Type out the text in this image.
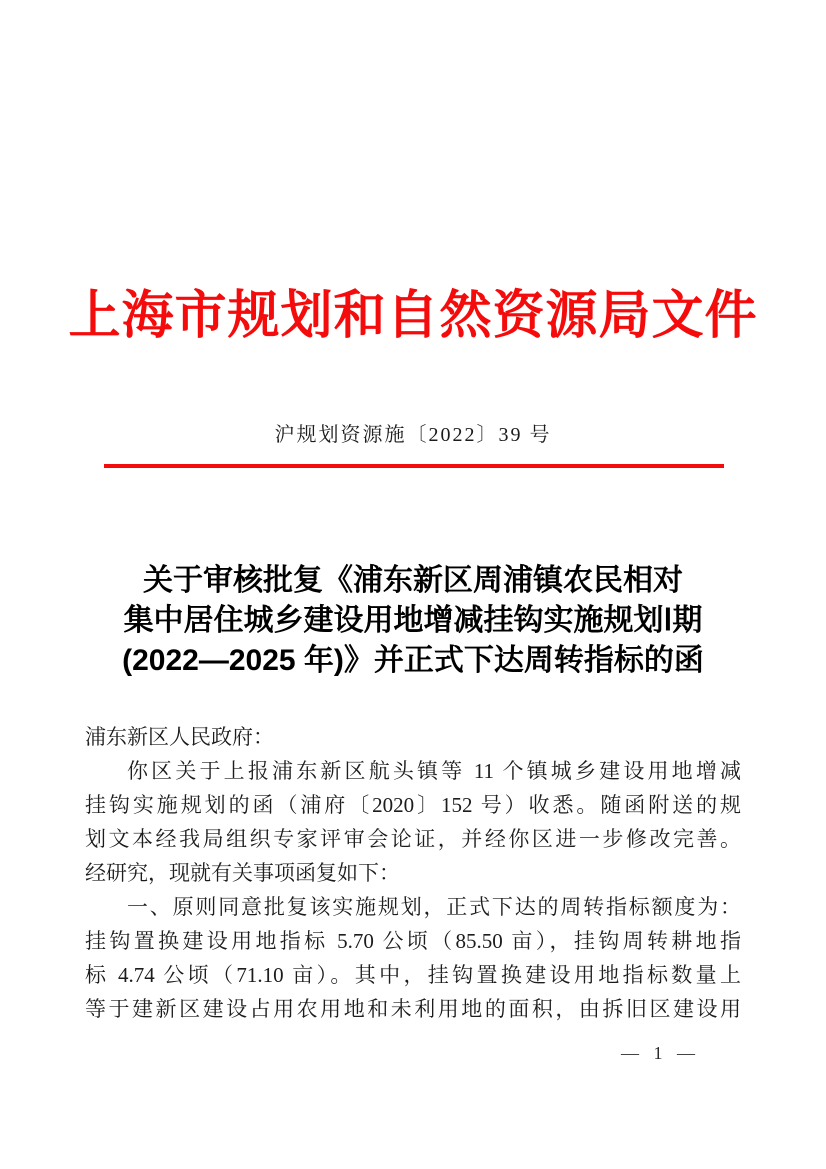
上海市规划和自然资源局文件
沪规划资源施〔2022〕39 号
关于审核批复《浦东新区周浦镇农民相对
集中居住城乡建设用地增减挂钩实施规划Ⅰ期
(2022—2025 年)》并正式下达周转指标的函
浦东新区人民政府：
你区关于上报浦东新区航头镇等 11 个镇城乡建设用地增减
挂钩实施规划的函（浦府〔2020〕152 号）收悉。随函附送的规
划文本经我局组织专家评审会论证，并经你区进一步修改完善。
经研究，现就有关事项函复如下：
一、原则同意批复该实施规划，正式下达的周转指标额度为：
挂钩置换建设用地指标 5.70 公顷（85.50 亩），挂钩周转耕地指
标 4.74 公顷（71.10 亩）。其中，挂钩置换建设用地指标数量上
等于建新区建设占用农用地和未利用地的面积，由拆旧区建设用
— 1 —
